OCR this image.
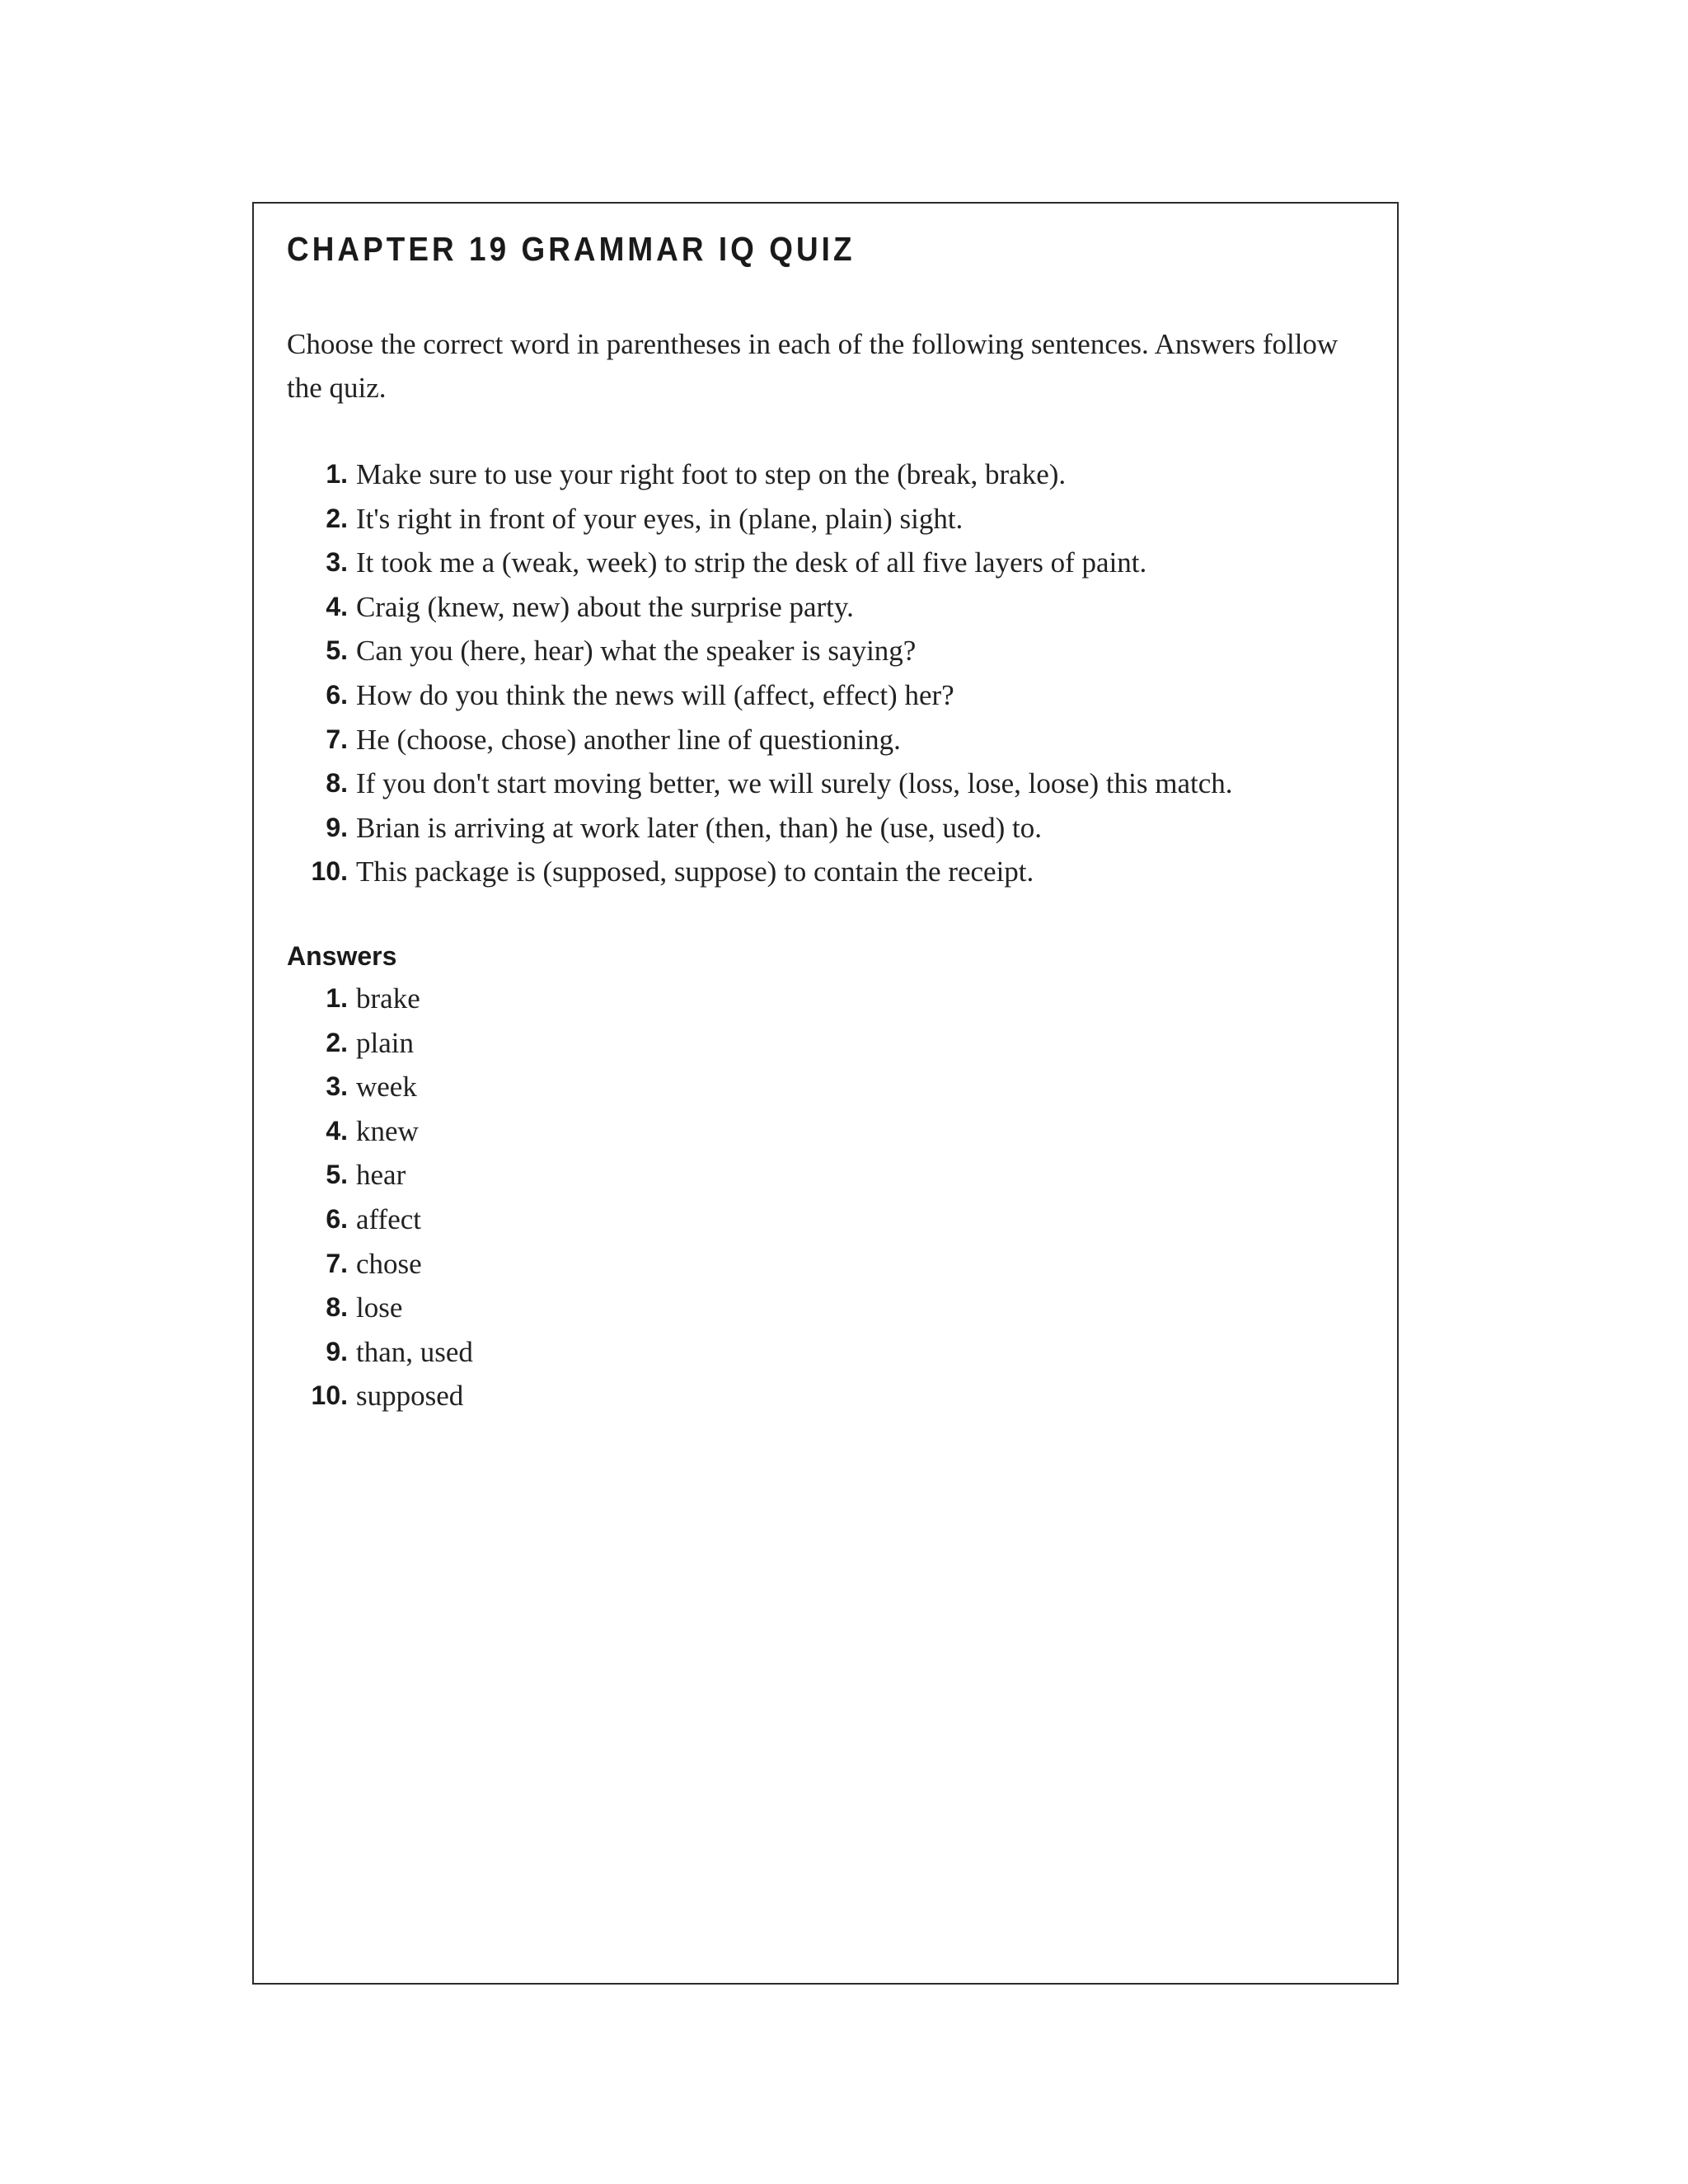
CHAPTER 19 GRAMMAR IQ QUIZ

Choose the correct word in parentheses in each of the following sentences. Answers follow the quiz.

1. Make sure to use your right foot to step on the (break, brake).
2. It's right in front of your eyes, in (plane, plain) sight.
3. It took me a (weak, week) to strip the desk of all five layers of paint.
4. Craig (knew, new) about the surprise party.
5. Can you (here, hear) what the speaker is saying?
6. How do you think the news will (affect, effect) her?
7. He (choose, chose) another line of questioning.
8. If you don't start moving better, we will surely (loss, lose, loose) this match.
9. Brian is arriving at work later (then, than) he (use, used) to.
10. This package is (supposed, suppose) to contain the receipt.
Answers
1. brake
2. plain
3. week
4. knew
5. hear
6. affect
7. chose
8. lose
9. than, used
10. supposed
